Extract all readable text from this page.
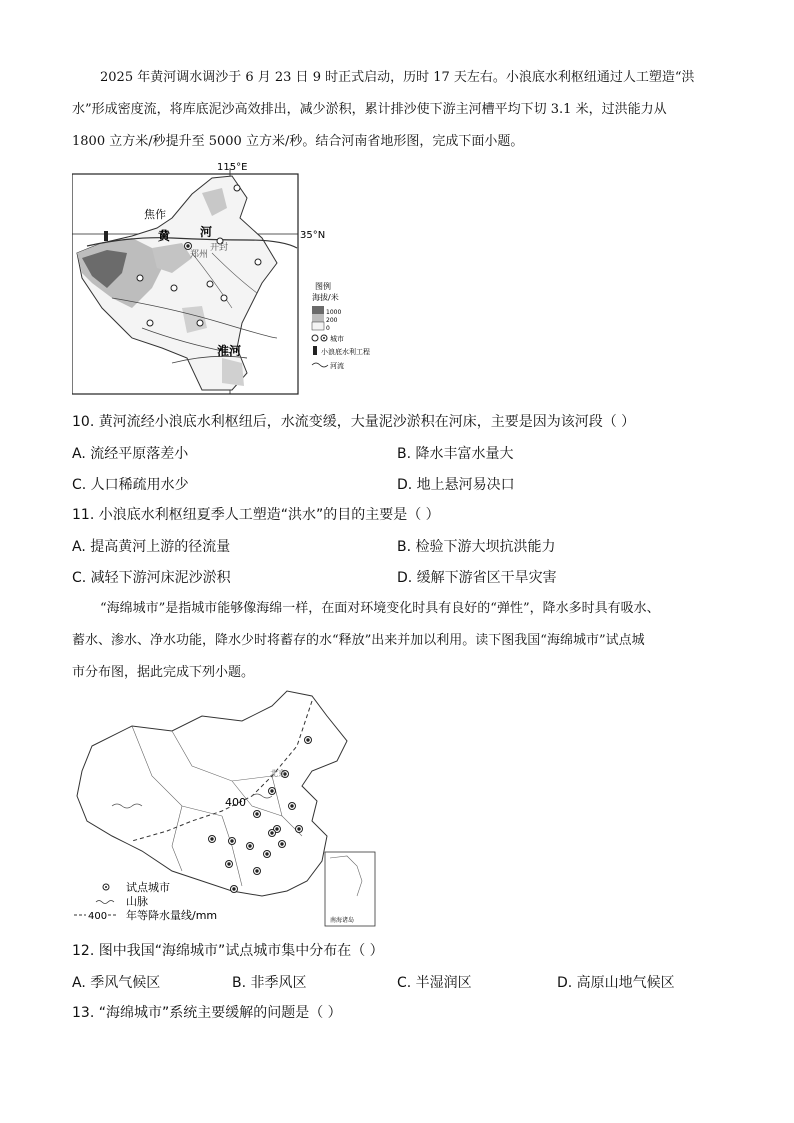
2025 年黄河调水调沙于 6 月 23 日 9 时正式启动，历时 17 天左右。小浪底水利枢纽通过人工塑造“洪
水”形成密度流，将库底泥沙高效排出，减少淤积，累计排沙使下游主河槽平均下切 3.1 米，过洪能力从
1800 立方米/秒提升至 5000 立方米/秒。结合河南省地形图，完成下面小题。
115°E
35°N
焦作
黄 河
开封
郑州
淮河
图例
海拔/米
1000
200
0
城市
小浪底水利工程
河流
10. 黄河流经小浪底水利枢纽后，水流变缓，大量泥沙淤积在河床，主要是因为该河段（ ）
A. 流经平原落差小	B. 降水丰富水量大
C. 人口稀疏用水少	D. 地上悬河易决口
11. 小浪底水利枢纽夏季人工塑造“洪水”的目的主要是（ ）
A. 提高黄河上游的径流量	B. 检验下游大坝抗洪能力
C. 减轻下游河床泥沙淤积	D. 缓解下游省区干旱灾害
“海绵城市”是指城市能够像海绵一样，在面对环境变化时具有良好的“弹性”，降水多时具有吸水、
蓄水、渗水、净水功能，降水少时将蓄存的水“释放”出来并加以利用。读下图我国“海绵城市”试点城
市分布图，据此完成下列小题。
北京
400
南海诸岛
试点城市
山脉
400 年等降水量线/mm
12. 图中我国“海绵城市”试点城市集中分布在（ ）
A. 季风气候区	B. 非季风区	C. 半湿润区	D. 高原山地气候区
13. “海绵城市”系统主要缓解的问题是（ ）
